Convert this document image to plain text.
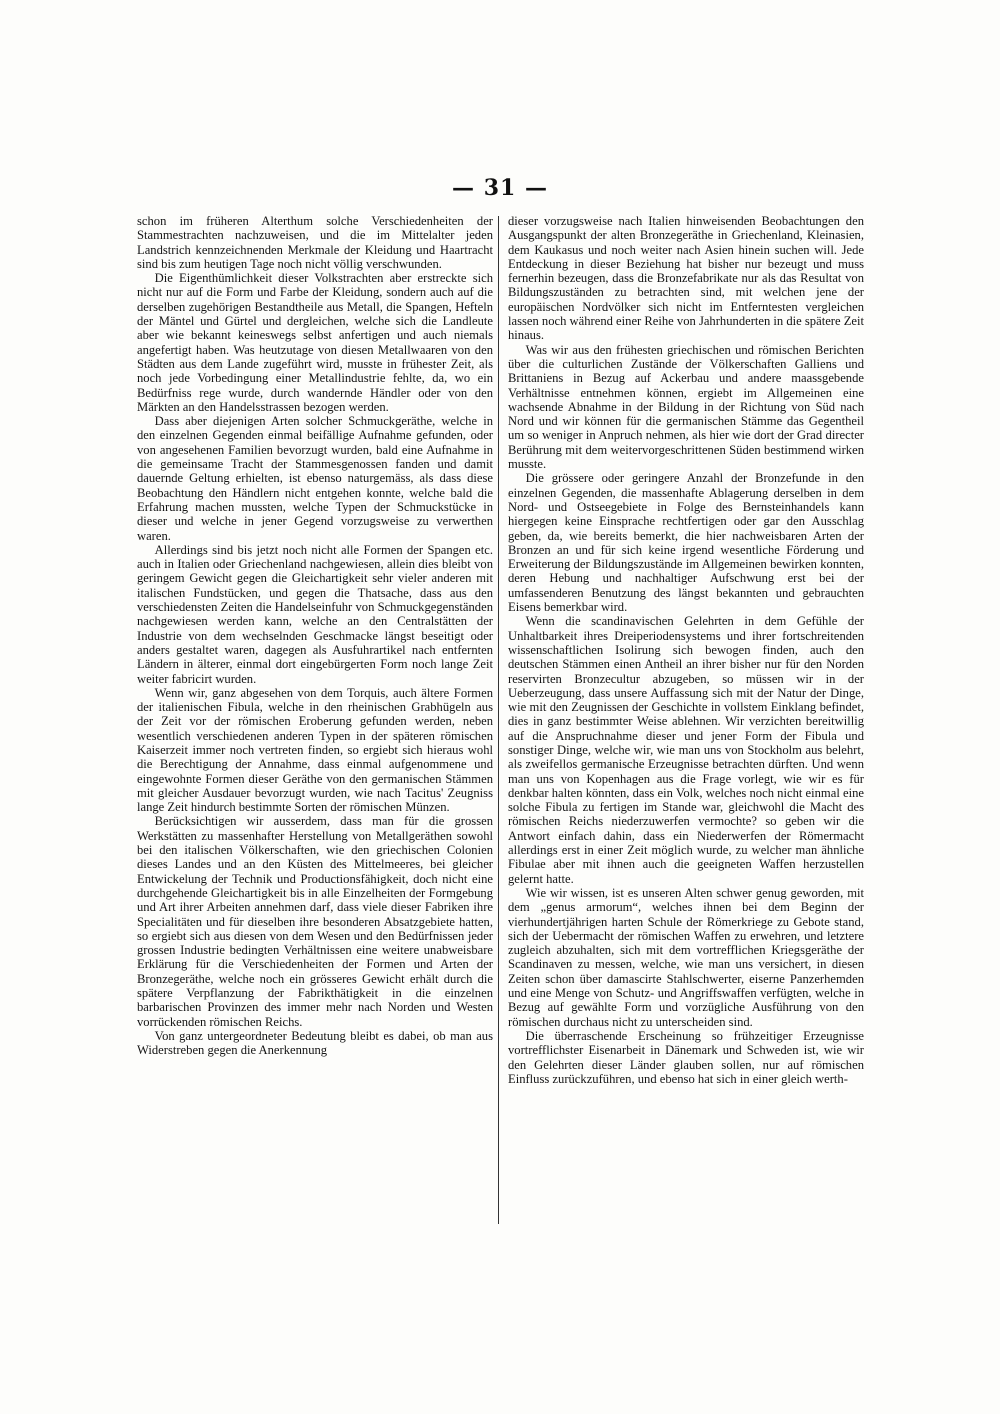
— 31 —

schon im früheren Alterthum solche Verschiedenheiten der Stammestrachten nachzuweisen, und die im Mittelalter jeden Landstrich kennzeichnenden Merkmale der Kleidung und Haartracht sind bis zum heutigen Tage noch nicht völlig verschwunden.

Die Eigenthümlichkeit dieser Volkstrachten aber erstreckte sich nicht nur auf die Form und Farbe der Kleidung, sondern auch auf die derselben zugehörigen Bestandtheile aus Metall, die Spangen, Hefteln der Mäntel und Gürtel und dergleichen, welche sich die Landleute aber wie bekannt keineswegs selbst anfertigen und auch niemals angefertigt haben. Was heutzutage von diesen Metallwaaren von den Städten aus dem Lande zugeführt wird, musste in frühester Zeit, als noch jede Vorbedingung einer Metallindustrie fehlte, da, wo ein Bedürfniss rege wurde, durch wandernde Händler oder von den Märkten an den Handelsstrassen bezogen werden.

Dass aber diejenigen Arten solcher Schmuckgeräthe, welche in den einzelnen Gegenden einmal beifällige Aufnahme gefunden, oder von angesehenen Familien bevorzugt wurden, bald eine Aufnahme in die gemeinsame Tracht der Stammesgenossen fanden und damit dauernde Geltung erhielten, ist ebenso naturgemäss, als dass diese Beobachtung den Händlern nicht entgehen konnte, welche bald die Erfahrung machen mussten, welche Typen der Schmuckstücke in dieser und welche in jener Gegend vorzugsweise zu verwerthen waren.

Allerdings sind bis jetzt noch nicht alle Formen der Spangen etc. auch in Italien oder Griechenland nachgewiesen, allein dies bleibt von geringem Gewicht gegen die Gleichartigkeit sehr vieler anderen mit italischen Fundstücken, und gegen die Thatsache, dass aus den verschiedensten Zeiten die Handelseinfuhr von Schmuckgegenständen nachgewiesen werden kann, welche an den Centralstätten der Industrie von dem wechselnden Geschmacke längst beseitigt oder anders gestaltet waren, dagegen als Ausfuhrartikel nach entfernten Ländern in älterer, einmal dort eingebürgerten Form noch lange Zeit weiter fabricirt wurden.

Wenn wir, ganz abgesehen von dem Torquis, auch ältere Formen der italienischen Fibula, welche in den rheinischen Grabhügeln aus der Zeit vor der römischen Eroberung gefunden werden, neben wesentlich verschiedenen anderen Typen in der späteren römischen Kaiserzeit immer noch vertreten finden, so ergiebt sich hieraus wohl die Berechtigung der Annahme, dass einmal aufgenommene und eingewohnte Formen dieser Geräthe von den germanischen Stämmen mit gleicher Ausdauer bevorzugt wurden, wie nach Tacitus' Zeugniss lange Zeit hindurch bestimmte Sorten der römischen Münzen.

Berücksichtigen wir ausserdem, dass man für die grossen Werkstätten zu massenhafter Herstellung von Metallgeräthen sowohl bei den italischen Völkerschaften, wie den griechischen Colonien dieses Landes und an den Küsten des Mittelmeeres, bei gleicher Entwickelung der Technik und Productionsfähigkeit, doch nicht eine durchgehende Gleichartigkeit bis in alle Einzelheiten der Formgebung und Art ihrer Arbeiten annehmen darf, dass viele dieser Fabriken ihre Specialitäten und für dieselben ihre besonderen Absatzgebiete hatten, so ergiebt sich aus diesen von dem Wesen und den Bedürfnissen jeder grossen Industrie bedingten Verhältnissen eine weitere unabweisbare Erklärung für die Verschiedenheiten der Formen und Arten der Bronzegeräthe, welche noch ein grösseres Gewicht erhält durch die spätere Verpflanzung der Fabrikthätigkeit in die einzelnen barbarischen Provinzen des immer mehr nach Norden und Westen vorrückenden römischen Reichs.

Von ganz untergeordneter Bedeutung bleibt es dabei, ob man aus Widerstreben gegen die Anerkennung

dieser vorzugsweise nach Italien hinweisenden Beobachtungen den Ausgangspunkt der alten Bronzegeräthe in Griechenland, Kleinasien, dem Kaukasus und noch weiter nach Asien hinein suchen will. Jede Entdeckung in dieser Beziehung hat bisher nur bezeugt und muss fernerhin bezeugen, dass die Bronzefabrikate nur als das Resultat von Bildungszuständen zu betrachten sind, mit welchen jene der europäischen Nordvölker sich nicht im Entferntesten vergleichen lassen noch während einer Reihe von Jahrhunderten in die spätere Zeit hinaus.

Was wir aus den frühesten griechischen und römischen Berichten über die culturlichen Zustände der Völkerschaften Galliens und Brittaniens in Bezug auf Ackerbau und andere maassgebende Verhältnisse entnehmen können, ergiebt im Allgemeinen eine wachsende Abnahme in der Bildung in der Richtung von Süd nach Nord und wir können für die germanischen Stämme das Gegentheil um so weniger in Anpruch nehmen, als hier wie dort der Grad directer Berührung mit dem weitervorgeschrittenen Süden bestimmend wirken musste.

Die grössere oder geringere Anzahl der Bronzefunde in den einzelnen Gegenden, die massenhafte Ablagerung derselben in dem Nord- und Ostseegebiete in Folge des Bernsteinhandels kann hiergegen keine Einsprache rechtfertigen oder gar den Ausschlag geben, da, wie bereits bemerkt, die hier nachweisbaren Arten der Bronzen an und für sich keine irgend wesentliche Förderung und Erweiterung der Bildungszustände im Allgemeinen bewirken konnten, deren Hebung und nachhaltiger Aufschwung erst bei der umfassenderen Benutzung des längst bekannten und gebrauchten Eisens bemerkbar wird.

Wenn die scandinavischen Gelehrten in dem Gefühle der Unhaltbarkeit ihres Dreiperiodensystems und ihrer fortschreitenden wissenschaftlichen Isolirung sich bewogen finden, auch den deutschen Stämmen einen Antheil an ihrer bisher nur für den Norden reservirten Bronzecultur abzugeben, so müssen wir in der Ueberzeugung, dass unsere Auffassung sich mit der Natur der Dinge, wie mit den Zeugnissen der Geschichte in vollstem Einklang befindet, dies in ganz bestimmter Weise ablehnen. Wir verzichten bereitwillig auf die Anspruchnahme dieser und jener Form der Fibula und sonstiger Dinge, welche wir, wie man uns von Stockholm aus belehrt, als zweifellos germanische Erzeugnisse betrachten dürften. Und wenn man uns von Kopenhagen aus die Frage vorlegt, wie wir es für denkbar halten könnten, dass ein Volk, welches noch nicht einmal eine solche Fibula zu fertigen im Stande war, gleichwohl die Macht des römischen Reichs niederzuwerfen vermochte? so geben wir die Antwort einfach dahin, dass ein Niederwerfen der Römermacht allerdings erst in einer Zeit möglich wurde, zu welcher man ähnliche Fibulae aber mit ihnen auch die geeigneten Waffen herzustellen gelernt hatte.

Wie wir wissen, ist es unseren Alten schwer genug geworden, mit dem „genus armorum“, welches ihnen bei dem Beginn der vierhundertjährigen harten Schule der Römerkriege zu Gebote stand, sich der Uebermacht der römischen Waffen zu erwehren, und letztere zugleich abzuhalten, sich mit dem vortrefflichen Kriegsgeräthe der Scandinaven zu messen, welche, wie man uns versichert, in diesen Zeiten schon über damascirte Stahlschwerter, eiserne Panzerhemden und eine Menge von Schutz- und Angriffswaffen verfügten, welche in Bezug auf gewählte Form und vorzügliche Ausführung von den römischen durchaus nicht zu unterscheiden sind.

Die überraschende Erscheinung so frühzeitiger Erzeugnisse vortrefflichster Eisenarbeit in Dänemark und Schweden ist, wie wir den Gelehrten dieser Länder glauben sollen, nur auf römischen Einfluss zurückzuführen, und ebenso hat sich in einer gleich werth-
